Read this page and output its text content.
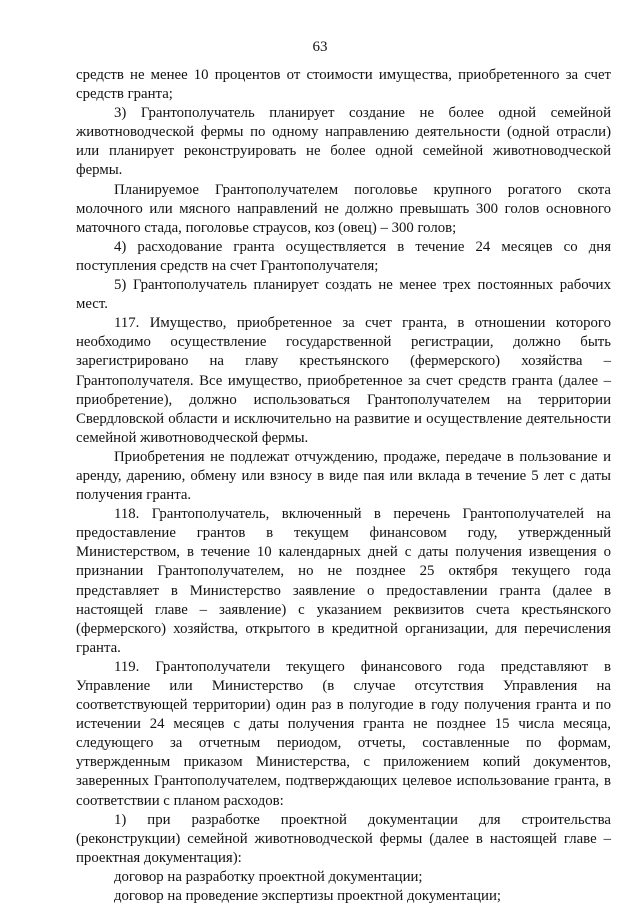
63

средств не менее 10 процентов от стоимости имущества, приобретенного за счет средств гранта;

3) Грантополучатель планирует создание не более одной семейной животноводческой фермы по одному направлению деятельности (одной отрасли) или планирует реконструировать не более одной семейной животноводческой фермы.

Планируемое Грантополучателем поголовье крупного рогатого скота молочного или мясного направлений не должно превышать 300 голов основного маточного стада, поголовье страусов, коз (овец) – 300 голов;

4) расходование гранта осуществляется в течение 24 месяцев со дня поступления средств на счет Грантополучателя;

5) Грантополучатель планирует создать не менее трех постоянных рабочих мест.

117. Имущество, приобретенное за счет гранта, в отношении которого необходимо осуществление государственной регистрации, должно быть зарегистрировано на главу крестьянского (фермерского) хозяйства – Грантополучателя. Все имущество, приобретенное за счет средств гранта (далее – приобретение), должно использоваться Грантополучателем на территории Свердловской области и исключительно на развитие и осуществление деятельности семейной животноводческой фермы.

Приобретения не подлежат отчуждению, продаже, передаче в пользование и аренду, дарению, обмену или взносу в виде пая или вклада в течение 5 лет с даты получения гранта.

118. Грантополучатель, включенный в перечень Грантополучателей на предоставление грантов в текущем финансовом году, утвержденный Министерством, в течение 10 календарных дней с даты получения извещения о признании Грантополучателем, но не позднее 25 октября текущего года представляет в Министерство заявление о предоставлении гранта (далее в настоящей главе – заявление) с указанием реквизитов счета крестьянского (фермерского) хозяйства, открытого в кредитной организации, для перечисления гранта.

119. Грантополучатели текущего финансового года представляют в Управление или Министерство (в случае отсутствия Управления на соответствующей территории) один раз в полугодие в году получения гранта и по истечении 24 месяцев с даты получения гранта не позднее 15 числа месяца, следующего за отчетным периодом, отчеты, составленные по формам, утвержденным приказом Министерства, с приложением копий документов, заверенных Грантополучателем, подтверждающих целевое использование гранта, в соответствии с планом расходов:

1) при разработке проектной документации для строительства (реконструкции) семейной животноводческой фермы (далее в настоящей главе – проектная документация):

договор на разработку проектной документации;

договор на проведение экспертизы проектной документации;
